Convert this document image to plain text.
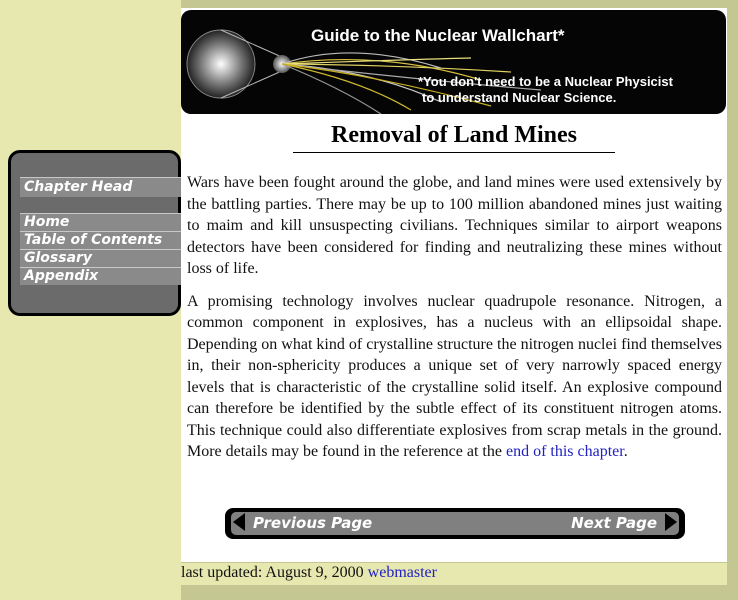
Guide to the Nuclear Wallchart*
*You don't need to be a Nuclear Physicist
to understand Nuclear Science.
Removal of Land Mines

Wars have been fought around the globe, and land mines were used extensively by the battling parties. There may be up to 100 million abandoned mines just waiting to maim and kill unsuspecting civilians. Techniques similar to airport weapons detectors have been considered for finding and neutralizing these mines without loss of life.

A promising technology involves nuclear quadrupole resonance. Nitrogen, a common component in explosives, has a nucleus with an ellipsoidal shape. Depending on what kind of crystalline structure the nitrogen nuclei find themselves in, their non-sphericity produces a unique set of very narrowly spaced energy levels that is characteristic of the crystalline solid itself. An explosive compound can therefore be identified by the subtle effect of its constituent nitrogen atoms. This technique could also differentiate explosives from scrap metals in the ground. More details may be found in the reference at the end of this chapter.

Chapter Head
Home
Table of Contents
Glossary
Appendix
Previous Page	Next Page
last updated: August 9, 2000 webmaster
